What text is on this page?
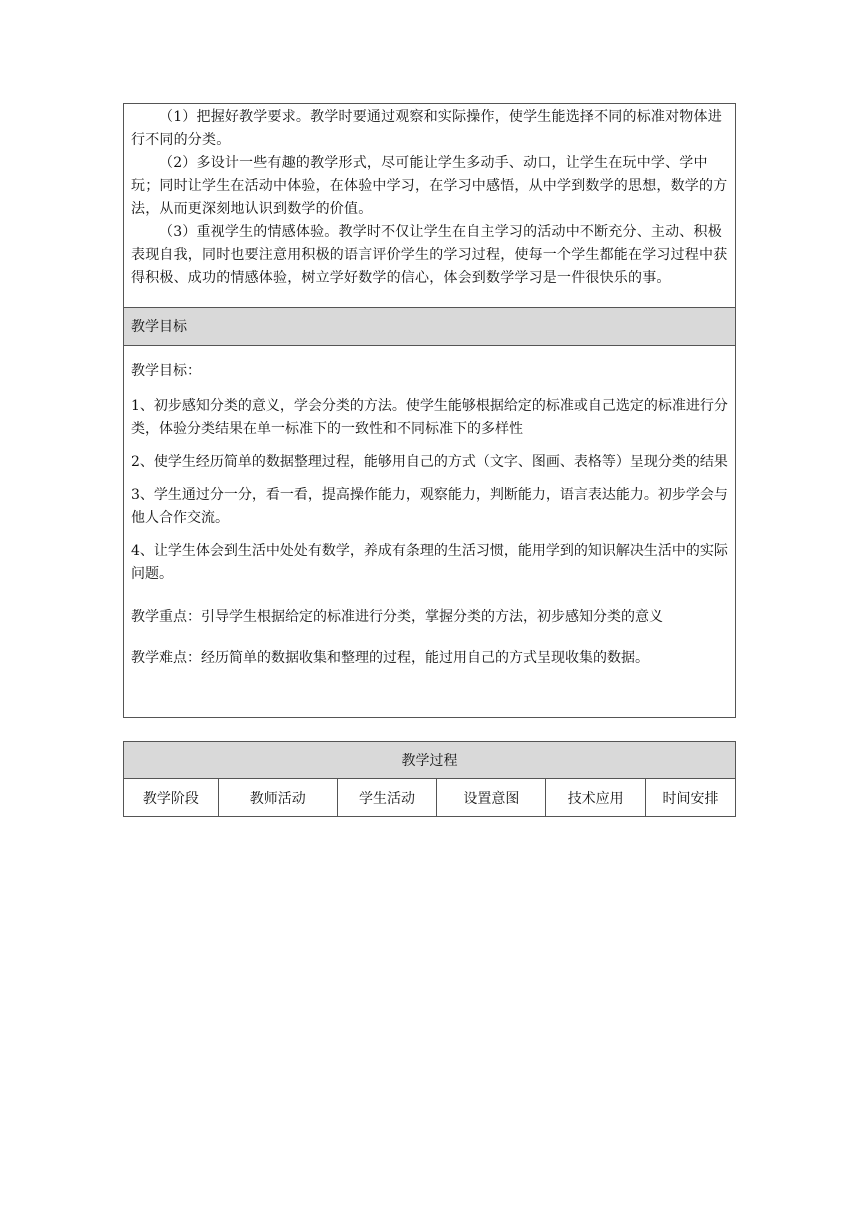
（1）把握好教学要求。教学时要通过观察和实际操作，使学生能选择不同的标准对物体进行不同的分类。

（2）多设计一些有趣的教学形式，尽可能让学生多动手、动口，让学生在玩中学、学中玩；同时让学生在活动中体验，在体验中学习，在学习中感悟，从中学到数学的思想，数学的方法，从而更深刻地认识到数学的价值。

（3）重视学生的情感体验。教学时不仅让学生在自主学习的活动中不断充分、主动、积极表现自我，同时也要注意用积极的语言评价学生的学习过程，使每一个学生都能在学习过程中获得积极、成功的情感体验，树立学好数学的信心，体会到数学学习是一件很快乐的事。

教学目标

教学目标：

1、初步感知分类的意义，学会分类的方法。使学生能够根据给定的标准或自己选定的标准进行分类，体验分类结果在单一标准下的一致性和不同标准下的多样性

2、使学生经历简单的数据整理过程，能够用自己的方式（文字、图画、表格等）呈现分类的结果

3、学生通过分一分，看一看，提高操作能力，观察能力，判断能力，语言表达能力。初步学会与他人合作交流。

4、让学生体会到生活中处处有数学，养成有条理的生活习惯，能用学到的知识解决生活中的实际问题。

教学重点：引导学生根据给定的标准进行分类，掌握分类的方法，初步感知分类的意义

教学难点：经历简单的数据收集和整理的过程，能过用自己的方式呈现收集的数据。

教学过程
教学阶段	教师活动	学生活动	设置意图	技术应用	时间安排
